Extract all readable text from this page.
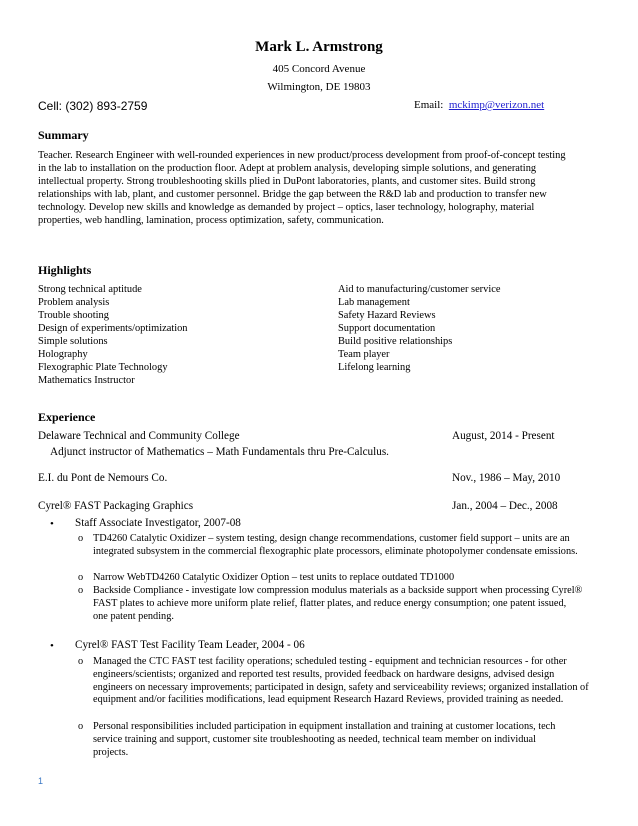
Mark L. Armstrong
405 Concord Avenue
Wilmington, DE 19803
Cell: (302) 893-2759	Email: mckimp@verizon.net
Summary
Teacher. Research Engineer with well-rounded experiences in new product/process development from proof-of-concept testing in the lab to installation on the production floor. Adept at problem analysis, developing simple solutions, and generating intellectual property. Strong troubleshooting skills plied in DuPont laboratories, plants, and customer sites. Build strong relationships with lab, plant, and customer personnel. Bridge the gap between the R&D lab and production to transfer new technology. Develop new skills and knowledge as demanded by project – optics, laser technology, holography, material properties, web handling, lamination, process optimization, safety, communication.
Highlights
Strong technical aptitude
Problem analysis
Trouble shooting
Design of experiments/optimization
Simple solutions
Holography
Flexographic Plate Technology
Mathematics Instructor
Aid to manufacturing/customer service
Lab management
Safety Hazard Reviews
Support documentation
Build positive relationships
Team player
Lifelong learning
Experience
Delaware Technical and Community College	August, 2014 - Present
Adjunct instructor of Mathematics – Math Fundamentals thru Pre-Calculus.
E.I. du Pont de Nemours Co.	Nov., 1986 – May, 2010
Cyrel® FAST Packaging Graphics	Jan., 2004 – Dec., 2008
• Staff Associate Investigator, 2007-08
o TD4260 Catalytic Oxidizer – system testing, design change recommendations, customer field support – units are an integrated subsystem in the commercial flexographic plate processors, eliminate photopolymer condensate emissions.
o Narrow WebTD4260 Catalytic Oxidizer Option – test units to replace outdated TD1000
o Backside Compliance - investigate low compression modulus materials as a backside support when processing Cyrel® FAST plates to achieve more uniform plate relief, flatter plates, and reduce energy consumption; one patent issued, one patent pending.
• Cyrel® FAST Test Facility Team Leader, 2004 - 06
o Managed the CTC FAST test facility operations; scheduled testing - equipment and technician resources - for other engineers/scientists; organized and reported test results, provided feedback on hardware designs, advised design engineers on necessary improvements; participated in design, safety and serviceability reviews; organized installation of equipment and/or facilities modifications, lead equipment Research Hazard Reviews, provided training as needed.
o Personal responsibilities included participation in equipment installation and training at customer locations, tech service training and support, customer site troubleshooting as needed, technical team member on individual projects.
1
